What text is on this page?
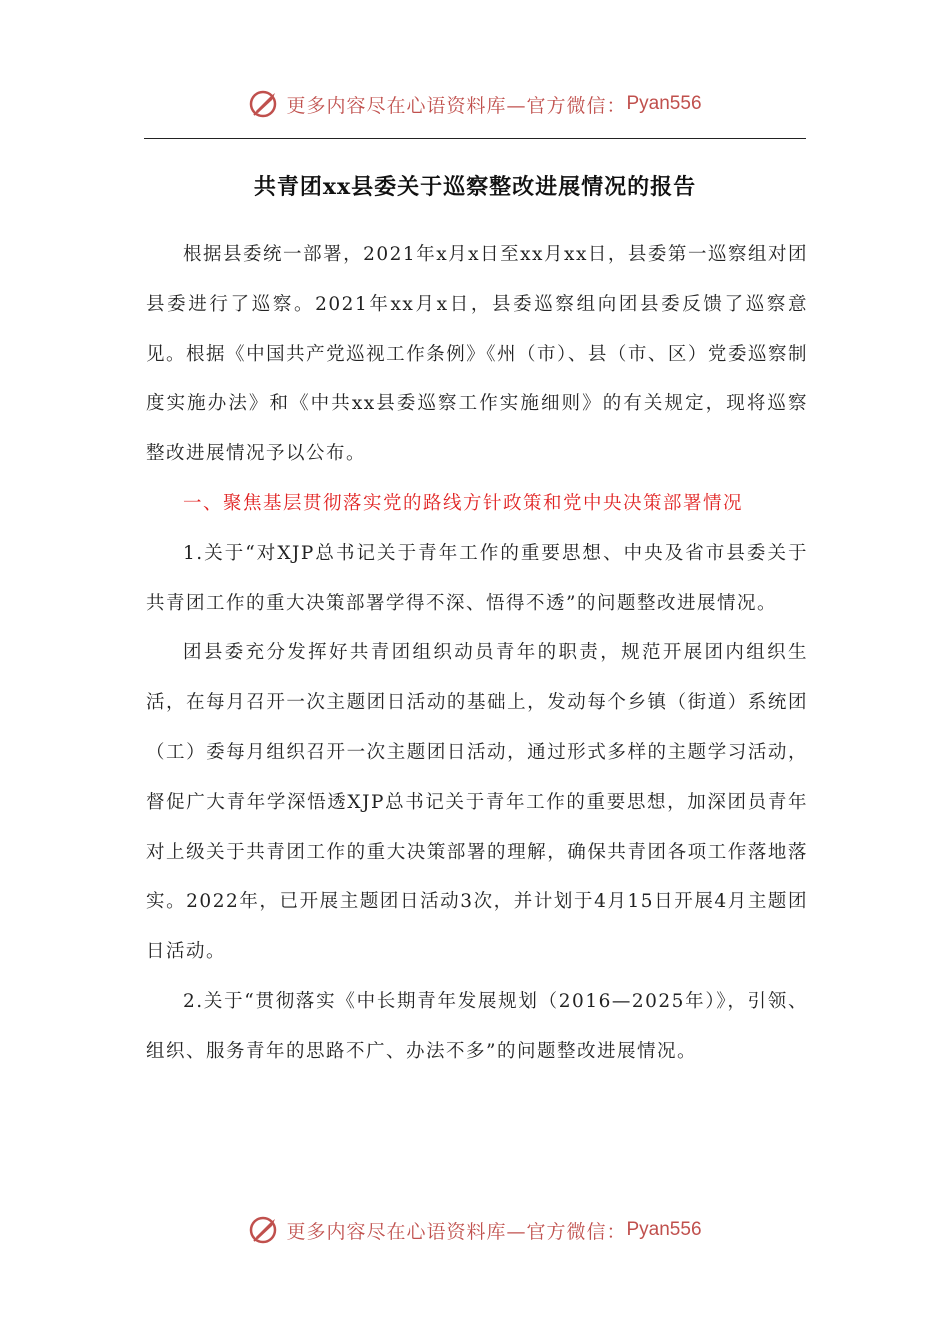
更多内容尽在心语资料库—官方微信： Pyan556
共青团xx县委关于巡察整改进展情况的报告

根据县委统一部署，2021年x月x日至xx月xx日，县委第一巡察组对团县委进行了巡察。2021年xx月x日，县委巡察组向团县委反馈了巡察意见。根据《中国共产党巡视工作条例》《州（市）、县（市、区）党委巡察制度实施办法》和《中共xx县委巡察工作实施细则》的有关规定，现将巡察整改进展情况予以公布。

一、聚焦基层贯彻落实党的路线方针政策和党中央决策部署情况

1.关于“对XJP总书记关于青年工作的重要思想、中央及省市县委关于共青团工作的重大决策部署学得不深、悟得不透”的问题整改进展情况。

团县委充分发挥好共青团组织动员青年的职责，规范开展团内组织生活，在每月召开一次主题团日活动的基础上，发动每个乡镇（街道）系统团（工）委每月组织召开一次主题团日活动，通过形式多样的主题学习活动，督促广大青年学深悟透XJP总书记关于青年工作的重要思想，加深团员青年对上级关于共青团工作的重大决策部署的理解，确保共青团各项工作落地落实。2022年，已开展主题团日活动3次，并计划于4月15日开展4月主题团日活动。

2.关于“贯彻落实《中长期青年发展规划（2016—2025年）》，引领、组织、服务青年的思路不广、办法不多”的问题整改进展情况。

更多内容尽在心语资料库—官方微信： Pyan556
